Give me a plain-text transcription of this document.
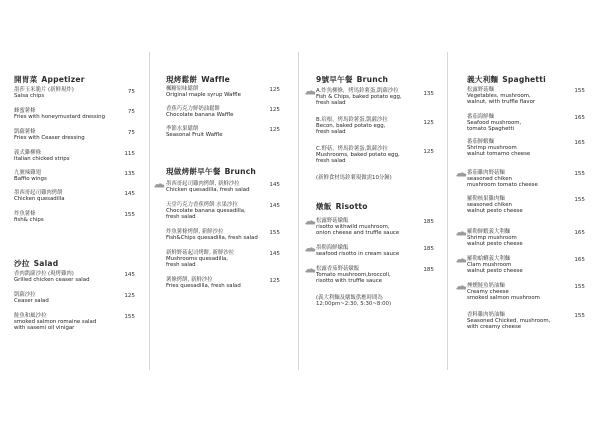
開胃菜 Appetizer
墨莎玉米脆片 (新鮮現炸)
Salsa chips
75
蜂蜜薯條
Fries with honeymustard dressing
75
凱薩薯條
Fries with Ceaser dressing
75
義式雞柳條
Italian chicked strips
115
九號辣雞翅
Baffio wings
135
墨西哥起司雞肉烤餅
Chicken quesadilla
145
炸魚薯條
fish& chips
155
沙拉 Salad
香肉凱薩沙拉 (現烤雞肉)
Grilled chicken ceaser salad
145
凱薩沙拉
Ceaser salad
125
鮭魚和風沙拉
smoked salmon romaine salad
with sasemi oil vinigar
155
現烤鬆餅 Waffle
楓糖原味鬆餅
Original maple syrup Waffle
125
香蕉巧克力鮮奶油鬆餅
Chocolate banana Waffle
125
季節水果鬆餅
Seasonal Fruit Waffle
125
現做烤餅早午餐 Brunch
墨西哥起司雞肉烤餅, 新鮮沙拉
Chicken quesadilla, fresh salad
145
天堂巧克力香蕉烤餅 水果沙拉
Chocolate banana quesadilla,
fresh salad
145
炸魚薯條烤餅, 新鮮沙拉
Fish&Chips quesadilla, fresh salad
155
新鮮野菇起司烤餅, 新鮮沙拉
Mushrooms quesadilla,
fresh salad
145
薯條烤餅, 新鮮沙拉
Fries quesadilla, fresh salad
125
9號早午餐 Brunch
A.炸魚柳條，烤馬鈴薯蛋,凱薩沙拉
Fish & Chips, baked potato egg,
fresh salad
135
B.培根，烤馬鈴薯蛋,凱薩沙拉
Becon, baked potato egg,
fresh salad
125
C.野菇，烤馬鈴薯蛋,凱薩沙拉
Mushrooms, baked potato egg,
fresh salad
125
(新鮮食材馬鈴薯現做需10分鐘)
燉飯 Risotto
松露野菇燉飯
risotto withwild mushroom,
onion cheese and truffle sauce
185
墨勒海鮮燉飯
seafood risotto in cream sauce
185
松露香茄野菇燉飯
Tomato mushroom,broccoli,
risotto with truffle sauce
185
(義大利麵及燉飯供應時間為
12:00pm~2:30, 5:30~8:00)
義大利麵 Spaghetti
松露野菇麵
Vegetables, mushroom,
walnut, with truffle flavor
155
番茄海鮮麵
Seafood mushroom,
tomato Spaghetti
165
番茄鮮蝦麵
Shrimp mushroom
walnut tomamo cheese
165
番茄雞肉野菇麵
seasoned chiken
mushroom tomato cheese
155
羅勒核果雞肉麵
seasoned chiken
walnut pesto cheese
155
羅勒鮮蝦義大利麵
Shrimp mushroom
walnut pesto cheese
165
羅勒蛤蜊義大利麵
Clam mushroom
walnut pesto cheese
165
煙燻鮭魚奶油麵
Creamy cheese
smoked salmon mushroom
155
香料雞肉奶油麵
Seasoned Chicked, mushroom,
with creamy cheese
155
